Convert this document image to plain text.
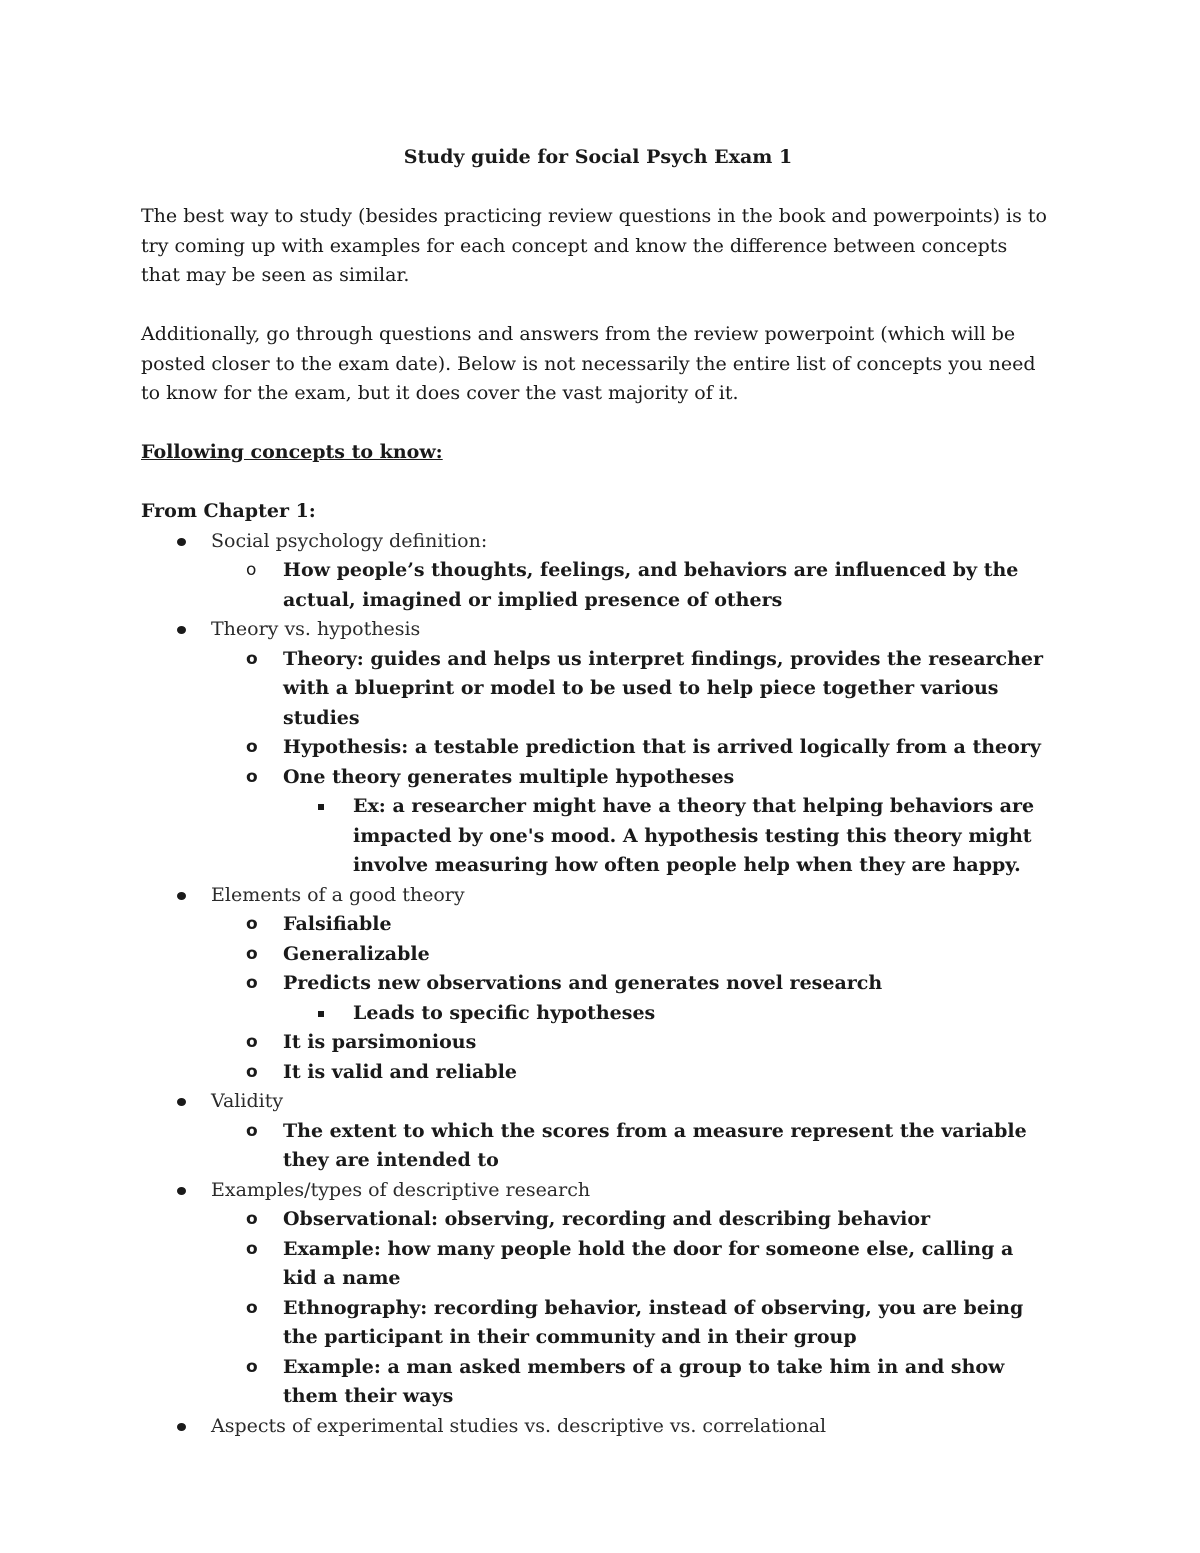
Study guide for Social Psych Exam 1

The best way to study (besides practicing review questions in the book and powerpoints) is to try coming up with examples for each concept and know the difference between concepts that may be seen as similar.

Additionally, go through questions and answers from the review powerpoint (which will be posted closer to the exam date). Below is not necessarily the entire list of concepts you need to know for the exam, but it does cover the vast majority of it.

Following concepts to know:
From Chapter 1:
Social psychology definition:
o How people’s thoughts, feelings, and behaviors are influenced by the actual, imagined or implied presence of others
Theory vs. hypothesis
o Theory: guides and helps us interpret findings, provides the researcher with a blueprint or model to be used to help piece together various studies
o Hypothesis: a testable prediction that is arrived logically from a theory
o One theory generates multiple hypotheses
Ex: a researcher might have a theory that helping behaviors are impacted by one's mood. A hypothesis testing this theory might involve measuring how often people help when they are happy.
Elements of a good theory
o Falsifiable
o Generalizable
o Predicts new observations and generates novel research
Leads to specific hypotheses
o It is parsimonious
o It is valid and reliable
Validity
o The extent to which the scores from a measure represent the variable they are intended to
Examples/types of descriptive research
o Observational: observing, recording and describing behavior
o Example: how many people hold the door for someone else, calling a kid a name
o Ethnography: recording behavior, instead of observing, you are being the participant in their community and in their group
o Example: a man asked members of a group to take him in and show them their ways
Aspects of experimental studies vs. descriptive vs. correlational
